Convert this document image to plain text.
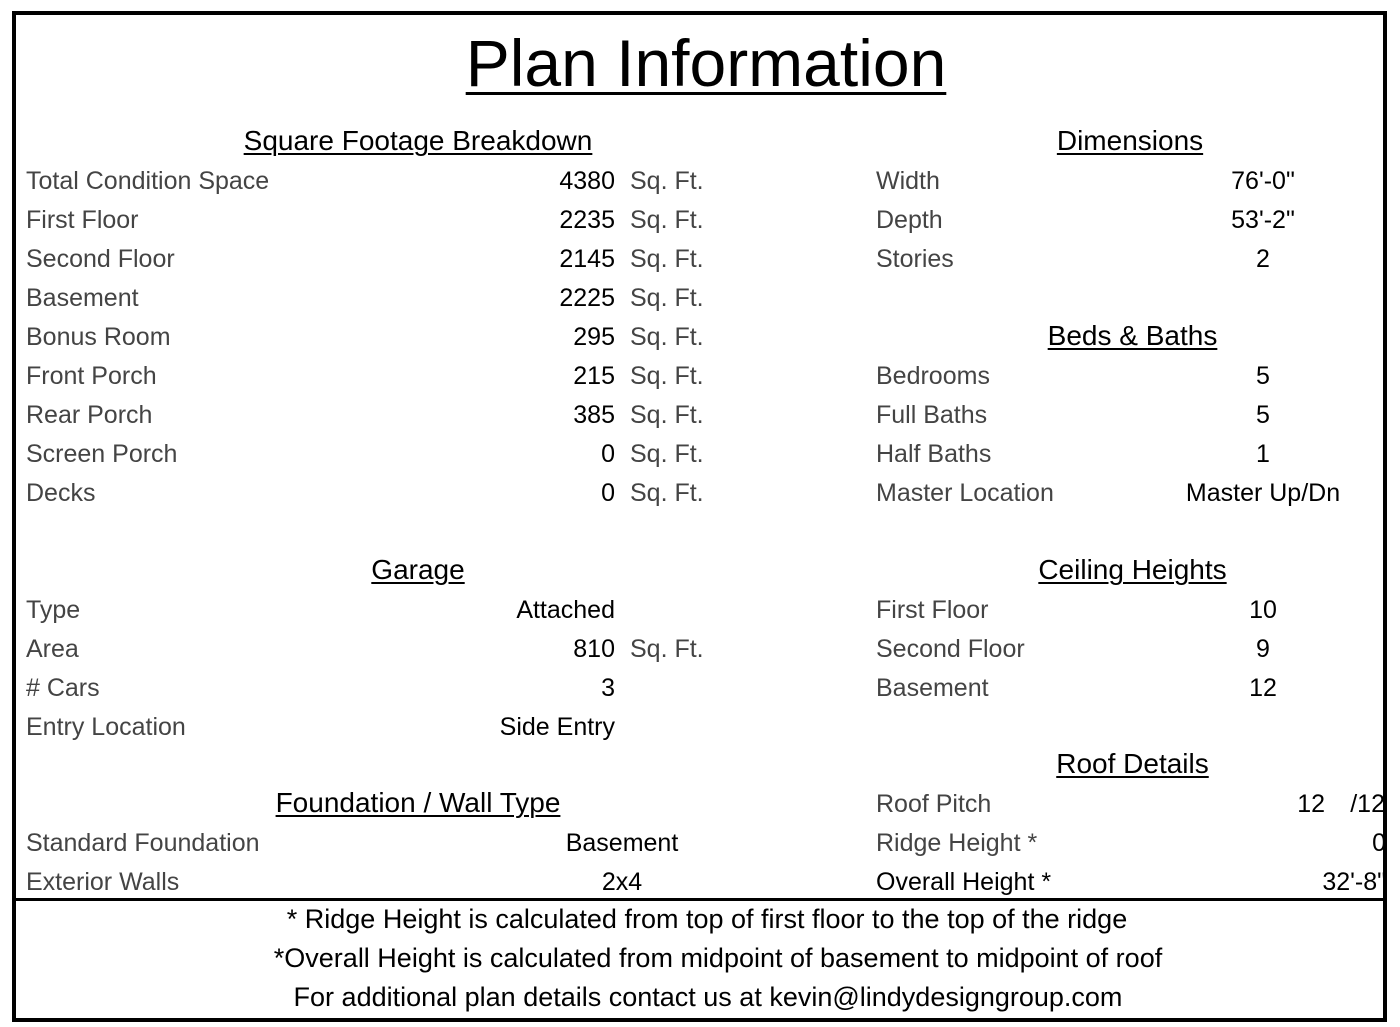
Plan Information
Square Footage Breakdown
Total Condition Space	4380 Sq. Ft.
First Floor	2235 Sq. Ft.
Second Floor	2145 Sq. Ft.
Basement	2225 Sq. Ft.
Bonus Room	295 Sq. Ft.
Front Porch	215 Sq. Ft.
Rear Porch	385 Sq. Ft.
Screen Porch	0 Sq. Ft.
Decks	0 Sq. Ft.
Dimensions
Width	76'-0"
Depth	53'-2"
Stories	2
Beds & Baths
Bedrooms	5
Full Baths	5
Half Baths	1
Master Location	Master Up/Dn
Garage
Type	Attached
Area	810 Sq. Ft.
# Cars	3
Entry Location	Side Entry
Ceiling Heights
First Floor	10
Second Floor	9
Basement	12
Roof Details
Roof Pitch	12	/12
Ridge Height *	0
Overall Height *	32'-8"
Foundation / Wall Type
Standard Foundation	Basement
Exterior Walls	2x4
* Ridge Height is calculated from top of first floor to the top of the ridge
*Overall Height is calculated from midpoint of basement to midpoint of roof
For additional plan details contact us at kevin@lindydesigngroup.com
